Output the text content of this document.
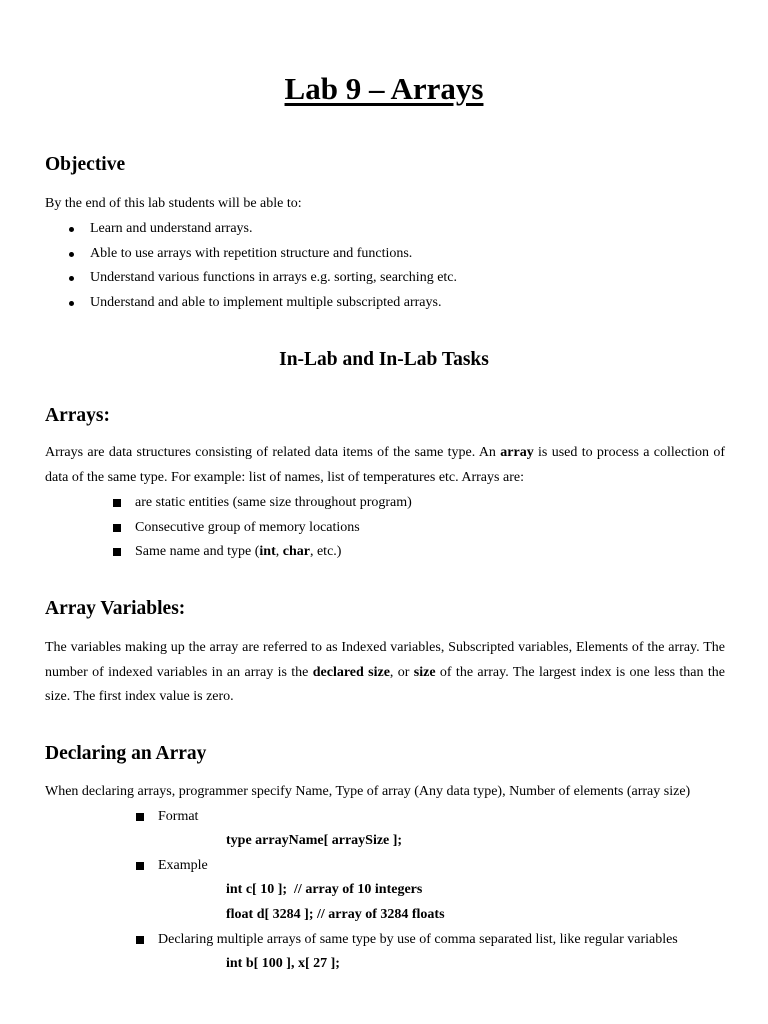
Lab 9 – Arrays
Objective

By the end of this lab students will be able to:

Learn and understand arrays.
Able to use arrays with repetition structure and functions.
Understand various functions in arrays e.g. sorting, searching etc.
Understand and able to implement multiple subscripted arrays.
In-Lab and In-Lab Tasks
Arrays:

Arrays are data structures consisting of related data items of the same type. An array is used to process a collection of data of the same type. For example: list of names, list of temperatures etc. Arrays are:

are static entities (same size throughout program)
Consecutive group of memory locations
Same name and type (int, char, etc.)
Array Variables:

The variables making up the array are referred to as Indexed variables, Subscripted variables, Elements of the array. The number of indexed variables in an array is the declared size, or size of the array. The largest index is one less than the size. The first index value is zero.

Declaring an Array

When declaring arrays, programmer specify Name, Type of array (Any data type), Number of elements (array size)

Format
type arrayName[ arraySize ];
Example
int c[ 10 ];  // array of 10 integers
float d[ 3284 ]; // array of 3284 floats
Declaring multiple arrays of same type by use of comma separated list, like regular variables
int b[ 100 ], x[ 27 ];
